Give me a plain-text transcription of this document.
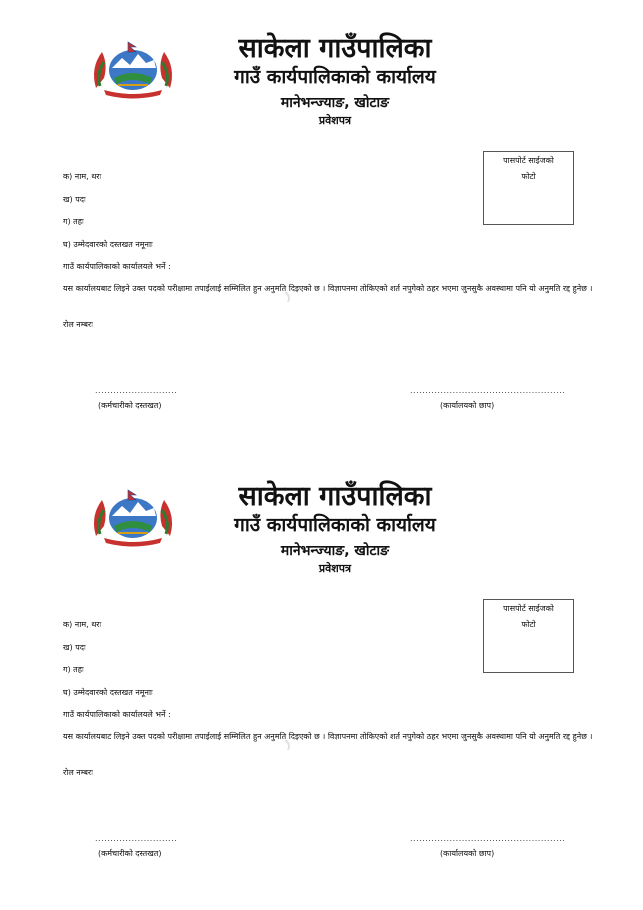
साकेला गाउँपालिका
गाउँ कार्यपालिकाको कार्यालय
मानेभन्ज्याङ, खोटाङ
प्रवेशपत्र
पासपोर्ट साईजको
फोटो
क) नाम, थरः
ख) पदः
ग) तहः
घ) उम्मेदवारको दस्तखत नमूनाः
गाउँ कार्यपालिकाको कार्यालयले भर्ने :
यस कार्यालयबाट लिइने उक्त पदको परीक्षामा तपाईलाई सम्मिलित हुन अनुमति दिइएको छ । विज्ञापनमा तोकिएको शर्त नपुगेको ठहर भएमा जुनसुकै अवस्थामा पनि यो अनुमति रद्द हुनेछ ।
रोल नम्बरः
...........................
(कर्मचारीको दस्तखत)
...................................................
(कार्यालयको छाप)
साकेला गाउँपालिका
गाउँ कार्यपालिकाको कार्यालय
मानेभन्ज्याङ, खोटाङ
प्रवेशपत्र
पासपोर्ट साईजको
फोटो
क) नाम, थरः
ख) पदः
ग) तहः
घ) उम्मेदवारको दस्तखत नमूनाः
गाउँ कार्यपालिकाको कार्यालयले भर्ने :
यस कार्यालयबाट लिइने उक्त पदको परीक्षामा तपाईलाई सम्मिलित हुन अनुमति दिइएको छ । विज्ञापनमा तोकिएको शर्त नपुगेको ठहर भएमा जुनसुकै अवस्थामा पनि यो अनुमति रद्द हुनेछ ।
रोल नम्बरः
...........................
(कर्मचारीको दस्तखत)
...................................................
(कार्यालयको छाप)
